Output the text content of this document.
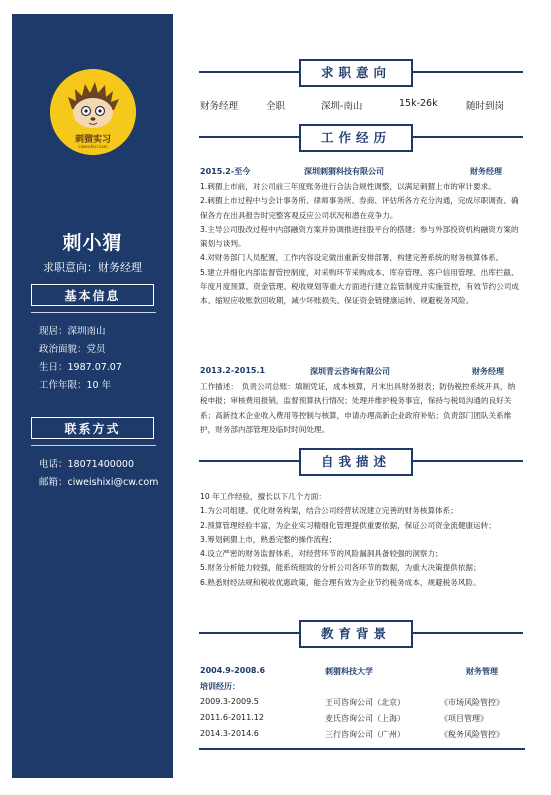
刺猬实习
ciweishixi.com
刺小猬
求职意向：财务经理
基本信息
现居：深圳南山
政治面貌：党员
生日：1987.07.07
工作年限：10 年
联系方式
电话：18071400000
邮箱：ciweishixi@cw.com
求职意向
财务经理	全职	深圳-南山	15k-26k	随时到岗
工作经历
2015.2-至今	深圳刺猬科技有限公司	财务经理

1.刺猬上市前，对公司前三年度账务进行合法合规性调整，以满足刺猬上市的审计要求。

2.刺猬上市过程中与会计事务所、律师事务所、券商、评估所各方充分沟通，完成尽职调查、确保各方在出具报告时完整客观反应公司状况和潜在竞争力。

3.主导公司股改过程中内部融资方案并协调推进挂股平台的搭建；参与外部投资机构融资方案的策划与谈判。

4.对财务部门人员配置，工作内容设定做出重新安排部署，构建完善系统的财务核算体系。

5.建立并细化内部监督管控制度，对采购环节采购成本、库存管理、客户信用管理、出库拦截、年度月度预算、资金管理、税收规划等重大方面进行建立监管制度并实施管控，有效节约公司成本、缩短应收账款回收期，减少坏账损失、保证资金链健康运转、规避税务风险。

2013.2-2015.1	深圳青云咨询有限公司	财务经理

工作描述：　负责公司总账：填制凭证，成本核算，月末出具财务报表；防伪税控系统开具，纳税申报；审核费用报销，监督预算执行情况；处理并维护税务事宜，保持与税局沟通的良好关系；高新技术企业收入费用等控制与核算，申请办理高新企业政府补贴；负责部门团队关系维护，财务部内部管理及临时时间处理。

自我描述

10 年工作经验，擅长以下几个方面：

1.为公司组建、优化财务构架，结合公司经营状况建立完善的财务核算体系；

2.预算管理经验丰富，为企业实习精细化管理提供重要依据，保证公司资金流健康运转；

3.筹划刺猬上市，熟悉完整的操作流程；

4.设立严密的财务监督体系，对经营环节的风险漏洞具备较强的洞察力；

5.财务分析能力较强，能系统细致的分析公司各环节的数据，为重大决策提供依据；

6.熟悉财经法规和税收优惠政策，能合理有效为企业节约税务成本，规避税务风险。

教育背景
2004.9-2008.6	刺猬科技大学	财务管理
培训经历：
2009.3-2009.5	王可咨询公司（北京）	《市场风险管控》
2011.6-2011.12	麦氏咨询公司（上海）	《项目管理》
2014.3-2014.6	三行咨询公司（广州）	《税务风险管控》
